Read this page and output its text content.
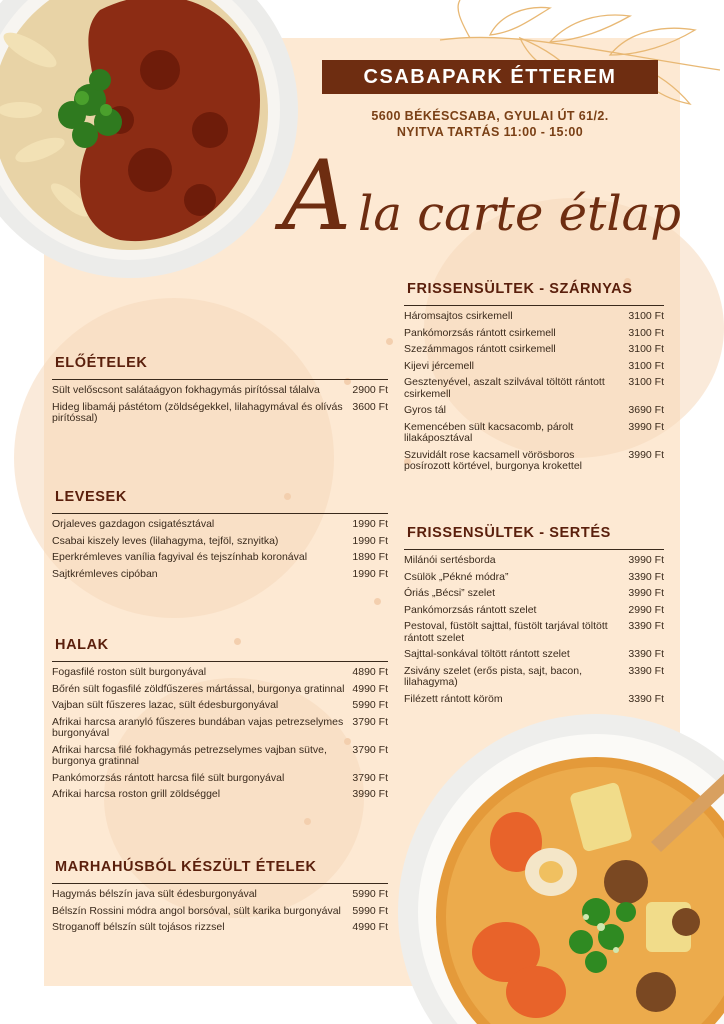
CSABAPARK ÉTTEREM
5600 BÉKÉSCSABA, GYULAI ÚT 61/2.
NYITVA TARTÁS 11:00 - 15:00
A la carte étlap
ELŐÉTELEK
Sült velőscsont salátaágyon fokhagymás pirítóssal tálalva	2900 Ft
Hideg libamáj pástétom (zöldségekkel, lilahagymával és olívás pirítóssal)
3600 Ft
LEVESEK
Orjaleves gazdagon csigatésztával	1990 Ft
Csabai kiszely leves (lilahagyma, tejföl, sznyitka)	1990 Ft
Eperkrémleves vanília fagyival és tejszínhab koronával	1890 Ft
Sajtkrémleves cipóban	1990 Ft
HALAK
Fogasfilé roston sült burgonyával	4890 Ft
Bőrén sült fogasfilé zöldfűszeres mártással, burgonya gratinnal 4990 Ft
Vajban sült fűszeres lazac, sült édesburgonyával	5990 Ft
Afrikai harcsa aranyló fűszeres bundában vajas petrezselymes burgonyával
3790 Ft
Afrikai harcsa filé fokhagymás petrezselymes vajban sütve, burgonya gratinnal
3790 Ft
Pankómorzsás rántott harcsa filé sült burgonyával	3790 Ft
Afrikai harcsa roston grill zöldséggel	3990 Ft
MARHAHÚSBÓL KÉSZÜLT ÉTELEK
Hagymás bélszín java sült édesburgonyával	5990 Ft
Bélszín Rossini módra angol borsóval, sült karika burgonyával	5990 Ft
Stroganoff bélszín sült tojásos rizzsel	4990 Ft
FRISSENSÜLTEK - SZÁRNYAS
Háromsajtos csirkemell	3100 Ft
Pankómorzsás rántott csirkemell	3100 Ft
Szezámmagos rántott csirkemell	3100 Ft
Kijevi jércemell	3100 Ft
Gesztenyével, aszalt szilvával töltött rántott csirkemell
3100 Ft
Gyros tál	3690 Ft
Kemencében sült kacsacomb, párolt lilakáposztával
3990 Ft
Szuvidált rose kacsamell vörösboros posírozott körtével, burgonya krokettel
3990 Ft
FRISSENSÜLTEK - SERTÉS
Milánói sertésborda	3990 Ft
Csülök „Pékné módra”	3390 Ft
Óriás „Bécsi” szelet	3990 Ft
Pankómorzsás rántott szelet	2990 Ft
Pestoval, füstölt sajttal, füstölt tarjával töltött rántott szelet
3390 Ft
Sajttal-sonkával töltött rántott szelet	3390 Ft
Zsivány szelet (erős pista, sajt, bacon, lilahagyma)
3390 Ft
Filézett rántott köröm	3390 Ft
